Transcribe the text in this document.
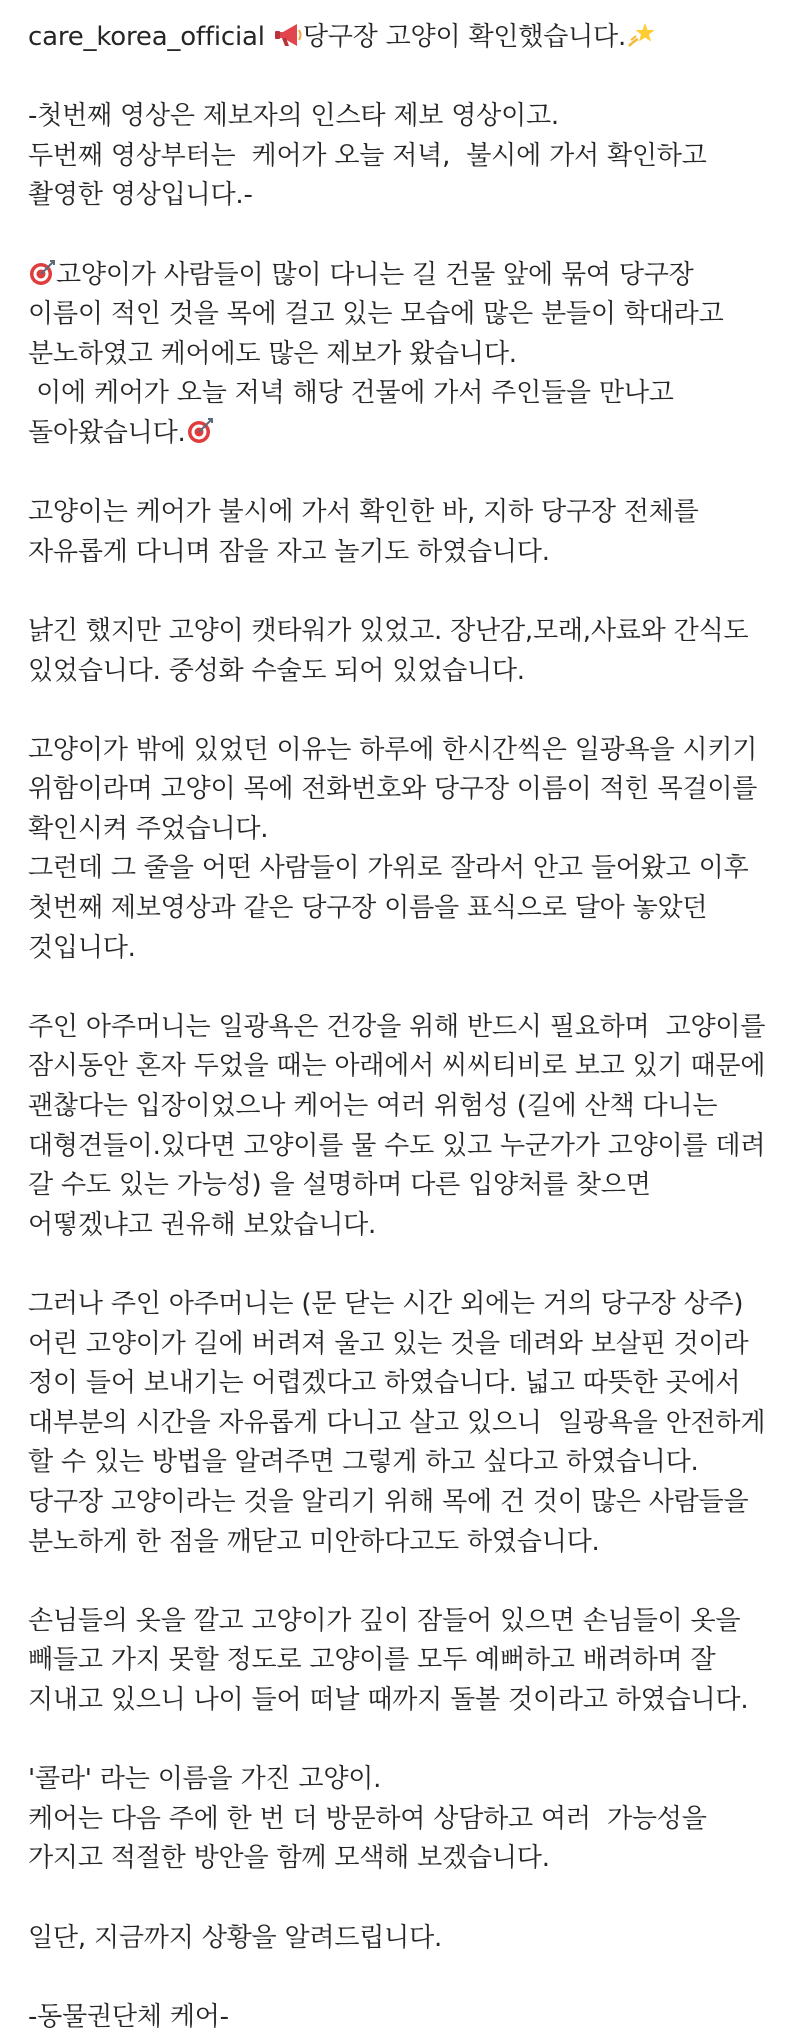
care_korea_official 당구장 고양이 확인했습니다.
-첫번째 영상은 제보자의 인스타 제보 영상이고.
두번째 영상부터는  케어가 오늘 저녁,  불시에 가서 확인하고
촬영한 영상입니다.-
고양이가 사람들이 많이 다니는 길 건물 앞에 묶여 당구장
이름이 적인 것을 목에 걸고 있는 모습에 많은 분들이 학대라고
분노하였고 케어에도 많은 제보가 왔습니다.
이에 케어가 오늘 저녁 해당 건물에 가서 주인들을 만나고
돌아왔습니다.
고양이는 케어가 불시에 가서 확인한 바, 지하 당구장 전체를
자유롭게 다니며 잠을 자고 놀기도 하였습니다.
낡긴 했지만 고양이 캣타워가 있었고. 장난감,모래,사료와 간식도
있었습니다. 중성화 수술도 되어 있었습니다.
고양이가 밖에 있었던 이유는 하루에 한시간씩은 일광욕을 시키기
위함이라며 고양이 목에 전화번호와 당구장 이름이 적힌 목걸이를
확인시켜 주었습니다.
그런데 그 줄을 어떤 사람들이 가위로 잘라서 안고 들어왔고 이후
첫번째 제보영상과 같은 당구장 이름을 표식으로 달아 놓았던
것입니다.
주인 아주머니는 일광욕은 건강을 위해 반드시 필요하며  고양이를
잠시동안 혼자 두었을 때는 아래에서 씨씨티비로 보고 있기 때문에
괜찮다는 입장이었으나 케어는 여러 위험성 (길에 산책 다니는
대형견들이.있다면 고양이를 물 수도 있고 누군가가 고양이를 데려
갈 수도 있는 가능성) 을 설명하며 다른 입양처를 찾으면
어떻겠냐고 권유해 보았습니다.
그러나 주인 아주머니는 (문 닫는 시간 외에는 거의 당구장 상주)
어린 고양이가 길에 버려져 울고 있는 것을 데려와 보살핀 것이라
정이 들어 보내기는 어렵겠다고 하였습니다. 넓고 따뜻한 곳에서
대부분의 시간을 자유롭게 다니고 살고 있으니  일광욕을 안전하게
할 수 있는 방법을 알려주면 그렇게 하고 싶다고 하였습니다.
당구장 고양이라는 것을 알리기 위해 목에 건 것이 많은 사람들을
분노하게 한 점을 깨닫고 미안하다고도 하였습니다.
손님들의 옷을 깔고 고양이가 깊이 잠들어 있으면 손님들이 옷을
빼들고 가지 못할 정도로 고양이를 모두 예뻐하고 배려하며 잘
지내고 있으니 나이 들어 떠날 때까지 돌볼 것이라고 하였습니다.
'콜라' 라는 이름을 가진 고양이.
케어는 다음 주에 한 번 더 방문하여 상담하고 여러  가능성을
가지고 적절한 방안을 함께 모색해 보겠습니다.
일단, 지금까지 상황을 알려드립니다.
-동물권단체 케어-
